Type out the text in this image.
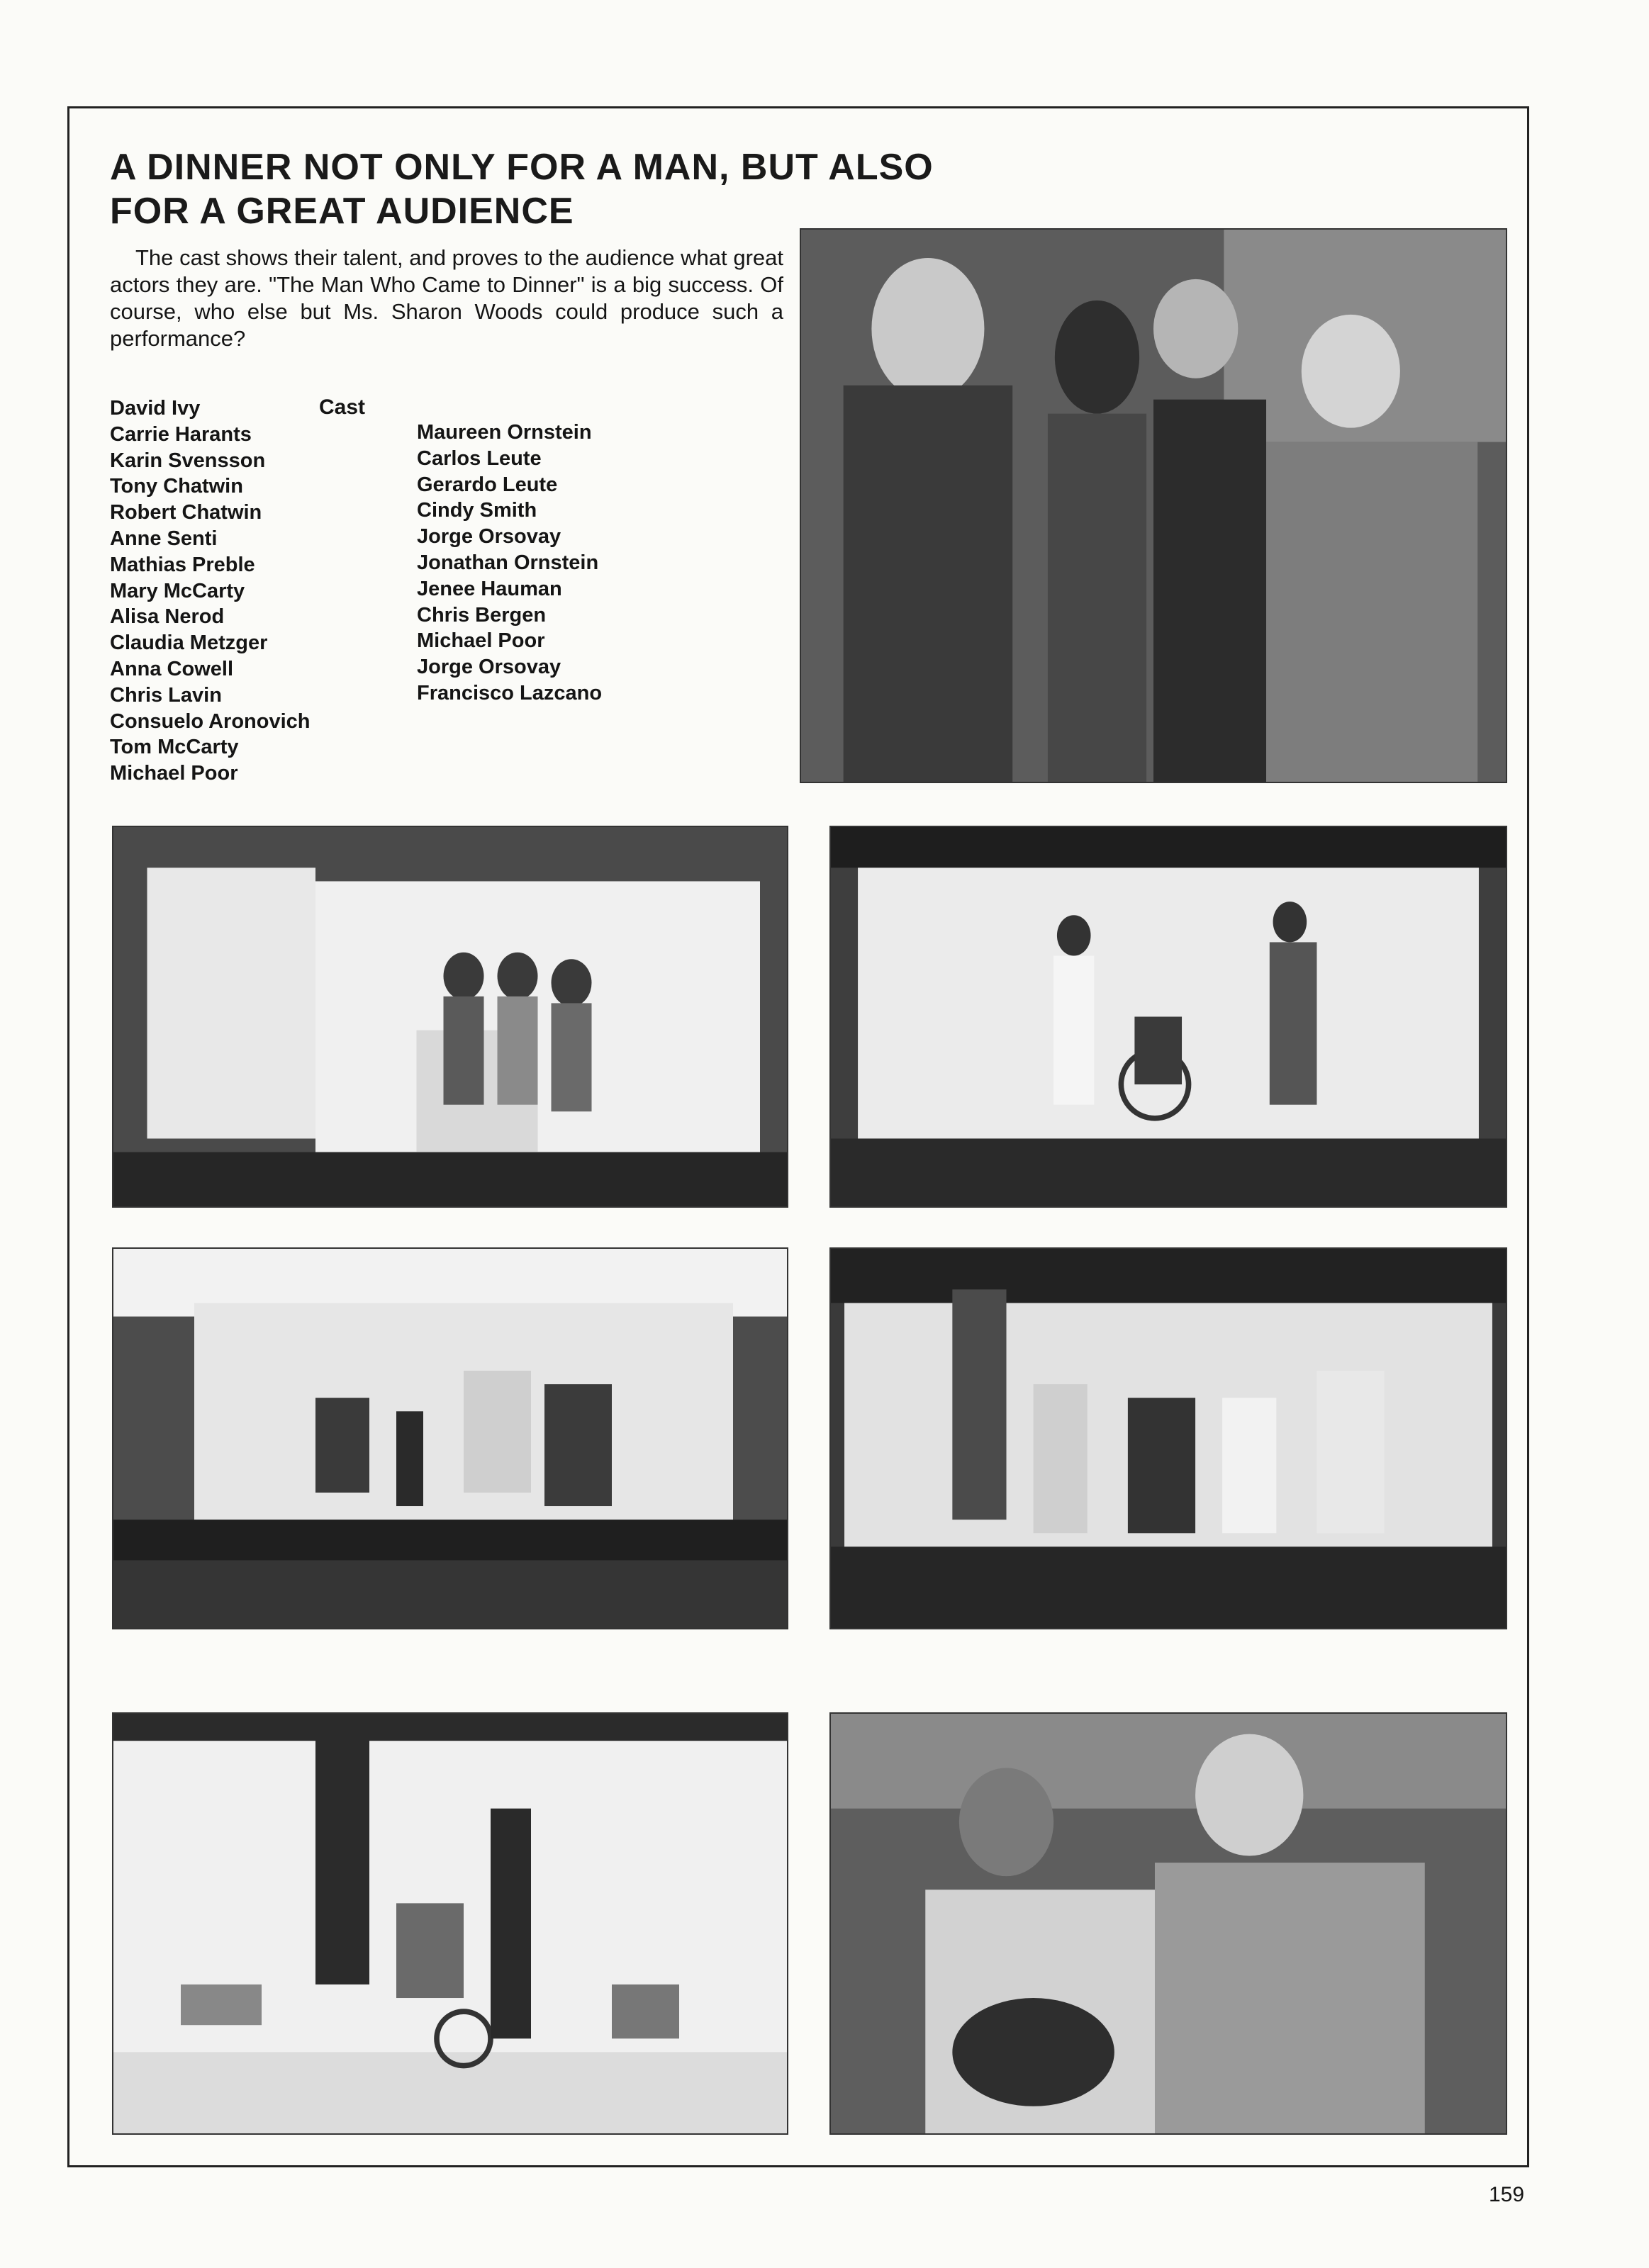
A DINNER NOT ONLY FOR A MAN, BUT ALSO
FOR A GREAT AUDIENCE

The cast shows their talent, and proves to the audience what great actors they are. "The Man Who Came to Dinner" is a big success. Of course, who else but Ms. Sharon Woods could produce such a performance?

Cast
David Ivy
Carrie Harants
Karin Svensson
Tony Chatwin
Robert Chatwin
Anne Senti
Mathias Preble
Mary McCarty
Alisa Nerod
Claudia Metzger
Anna Cowell
Chris Lavin
Consuelo Aronovich
Tom McCarty
Michael Poor
Maureen Ornstein
Carlos Leute
Gerardo Leute
Cindy Smith
Jorge Orsovay
Jonathan Ornstein
Jenee Hauman
Chris Bergen
Michael Poor
Jorge Orsovay
Francisco Lazcano
159
